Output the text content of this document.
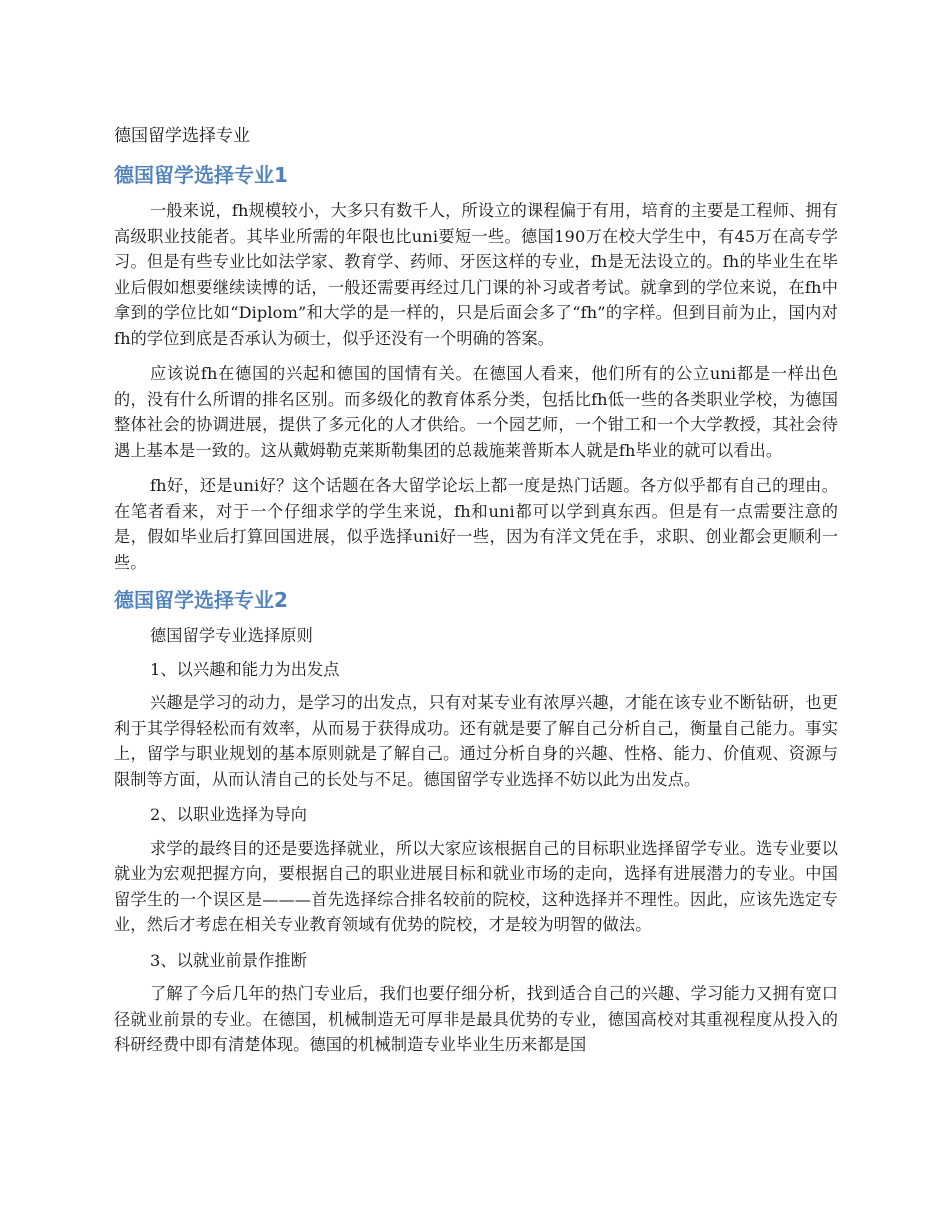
德国留学选择专业
德国留学选择专业1

一般来说，fh规模较小，大多只有数千人，所设立的课程偏于有用，培育的主要是工程师、拥有高级职业技能者。其毕业所需的年限也比uni要短一些。德国190万在校大学生中，有45万在高专学习。但是有些专业比如法学家、教育学、药师、牙医这样的专业，fh是无法设立的。fh的毕业生在毕业后假如想要继续读博的话，一般还需要再经过几门课的补习或者考试。就拿到的学位来说，在fh中拿到的学位比如“Diplom”和大学的是一样的，只是后面会多了“fh”的字样。但到目前为止，国内对fh的学位到底是否承认为硕士，似乎还没有一个明确的答案。

应该说fh在德国的兴起和德国的国情有关。在德国人看来，他们所有的公立uni都是一样出色的，没有什么所谓的排名区别。而多级化的教育体系分类，包括比fh低一些的各类职业学校，为德国整体社会的协调进展，提供了多元化的人才供给。一个园艺师，一个钳工和一个大学教授，其社会待遇上基本是一致的。这从戴姆勒克莱斯勒集团的总裁施莱普斯本人就是fh毕业的就可以看出。

fh好，还是uni好？这个话题在各大留学论坛上都一度是热门话题。各方似乎都有自己的理由。在笔者看来，对于一个仔细求学的学生来说，fh和uni都可以学到真东西。但是有一点需要注意的是，假如毕业后打算回国进展，似乎选择uni好一些，因为有洋文凭在手，求职、创业都会更顺利一些。

德国留学选择专业2

德国留学专业选择原则

1、以兴趣和能力为出发点

兴趣是学习的动力，是学习的出发点，只有对某专业有浓厚兴趣，才能在该专业不断钻研，也更利于其学得轻松而有效率，从而易于获得成功。还有就是要了解自己分析自己，衡量自己能力。事实上，留学与职业规划的基本原则就是了解自己。通过分析自身的兴趣、性格、能力、价值观、资源与限制等方面，从而认清自己的长处与不足。德国留学专业选择不妨以此为出发点。

2、以职业选择为导向

求学的最终目的还是要选择就业，所以大家应该根据自己的目标职业选择留学专业。选专业要以就业为宏观把握方向，要根据自己的职业进展目标和就业市场的走向，选择有进展潜力的专业。中国留学生的一个误区是———首先选择综合排名较前的院校，这种选择并不理性。因此，应该先选定专业，然后才考虑在相关专业教育领域有优势的院校，才是较为明智的做法。

3、以就业前景作推断

了解了今后几年的热门专业后，我们也要仔细分析，找到适合自己的兴趣、学习能力又拥有宽口径就业前景的专业。在德国，机械制造无可厚非是最具优势的专业，德国高校对其重视程度从投入的科研经费中即有清楚体现。德国的机械制造专业毕业生历来都是国
